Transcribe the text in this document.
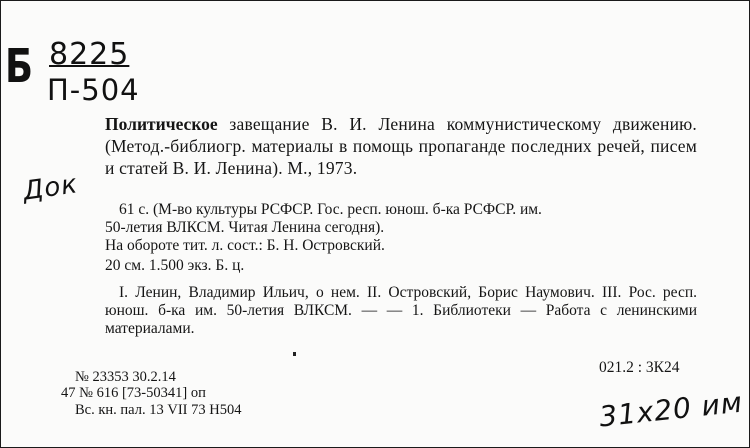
Б 8225
П-504
Док

Политическое завещание В. И. Ленина коммунистическому движению. (Метод.-библиогр. материалы в помощь пропаганде последних речей, писем и статей В. И. Ленина). М., 1973.

61 с. (М-во культуры РСФСР. Гос. респ. юнош. б-ка РСФСР. им.

50-летия ВЛКСМ. Читая Ленина сегодня).

На обороте тит. л. сост.: Б. Н. Островский.

20 см. 1.500 экз. Б. ц.

I. Ленин, Владимир Ильич, о нем. II. Островский, Борис Наумович. III. Рос. респ. юнош. б-ка им. 50-летия ВЛКСМ. — — 1. Библиотеки — Работа с ленинскими материалами.

021.2 : 3К24

№ 23353 30.2.14

47 № 616 [73-50341] оп

Вс. кн. пал. 13 VII 73 Н504	31х20 им
